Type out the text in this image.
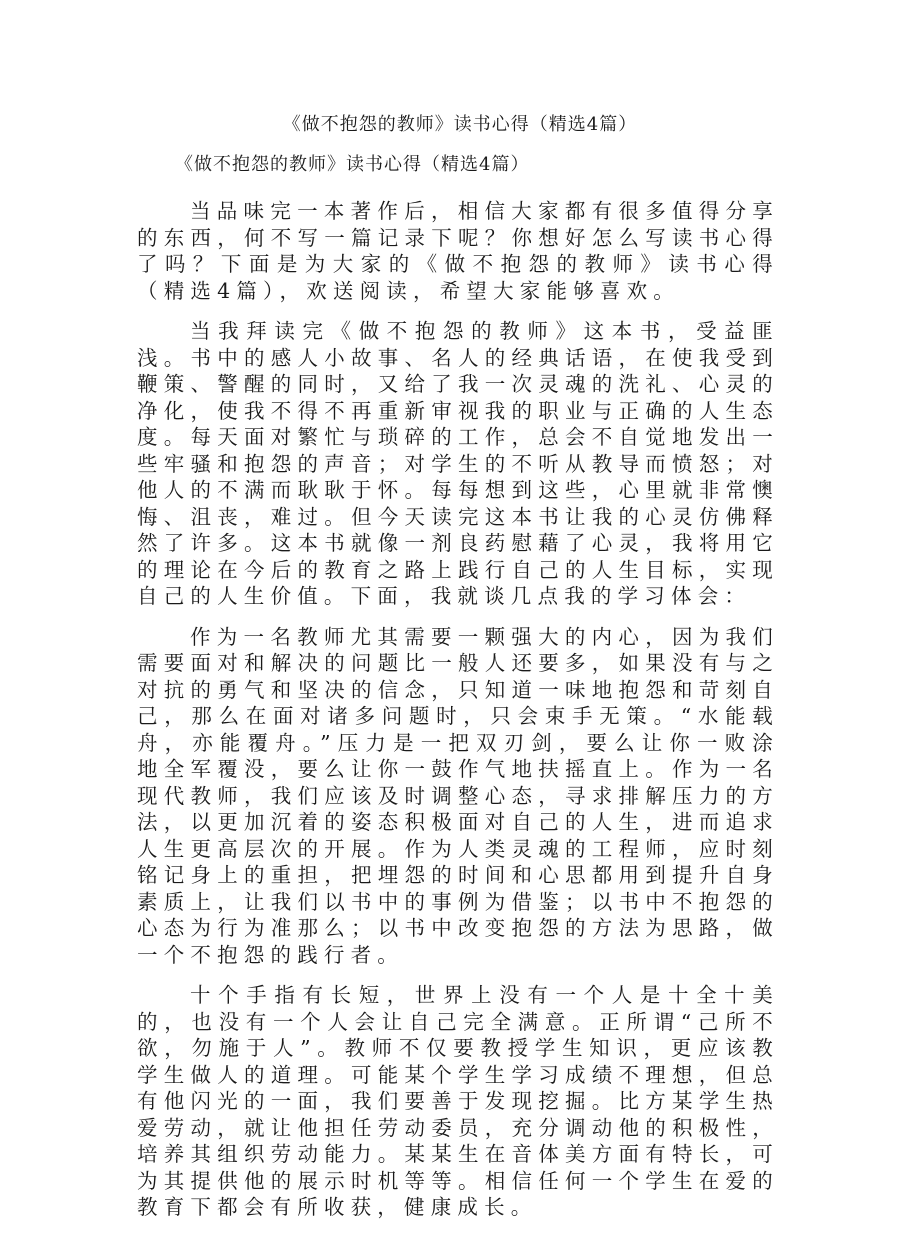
《做不抱怨的教师》读书心得（精选4篇）
《做不抱怨的教师》读书心得（精选4篇）

当品味完一本著作后，相信大家都有很多值得分享的东西，何不写一篇记录下呢？你想好怎么写读书心得了吗？下面是为大家的《做不抱怨的教师》读书心得（精选4篇），欢送阅读，希望大家能够喜欢。

当我拜读完《做不抱怨的教师》这本书，受益匪浅。书中的感人小故事、名人的经典话语，在使我受到鞭策、警醒的同时，又给了我一次灵魂的洗礼、心灵的净化，使我不得不再重新审视我的职业与正确的人生态度。每天面对繁忙与琐碎的工作，总会不自觉地发出一些牢骚和抱怨的声音；对学生的不听从教导而愤怒；对他人的不满而耿耿于怀。每每想到这些，心里就非常懊悔、沮丧，难过。但今天读完这本书让我的心灵仿佛释然了许多。这本书就像一剂良药慰藉了心灵，我将用它的理论在今后的教育之路上践行自己的人生目标，实现自己的人生价值。下面，我就谈几点我的学习体会：

作为一名教师尤其需要一颗强大的内心，因为我们需要面对和解决的问题比一般人还要多，如果没有与之对抗的勇气和坚决的信念，只知道一味地抱怨和苛刻自己，那么在面对诸多问题时，只会束手无策。“水能载舟，亦能覆舟。”压力是一把双刃剑，要么让你一败涂地全军覆没，要么让你一鼓作气地扶摇直上。作为一名现代教师，我们应该及时调整心态，寻求排解压力的方法，以更加沉着的姿态积极面对自己的人生，进而追求人生更高层次的开展。作为人类灵魂的工程师，应时刻铭记身上的重担，把埋怨的时间和心思都用到提升自身素质上，让我们以书中的事例为借鉴；以书中不抱怨的心态为行为准那么；以书中改变抱怨的方法为思路，做一个不抱怨的践行者。

十个手指有长短，世界上没有一个人是十全十美的，也没有一个人会让自己完全满意。正所谓“己所不欲，勿施于人”。教师不仅要教授学生知识，更应该教学生做人的道理。可能某个学生学习成绩不理想，但总有他闪光的一面，我们要善于发现挖掘。比方某学生热爱劳动，就让他担任劳动委员，充分调动他的积极性，培养其组织劳动能力。某某生在音体美方面有特长，可为其提供他的展示时机等等。相信任何一个学生在爱的教育下都会有所收获，健康成长。
